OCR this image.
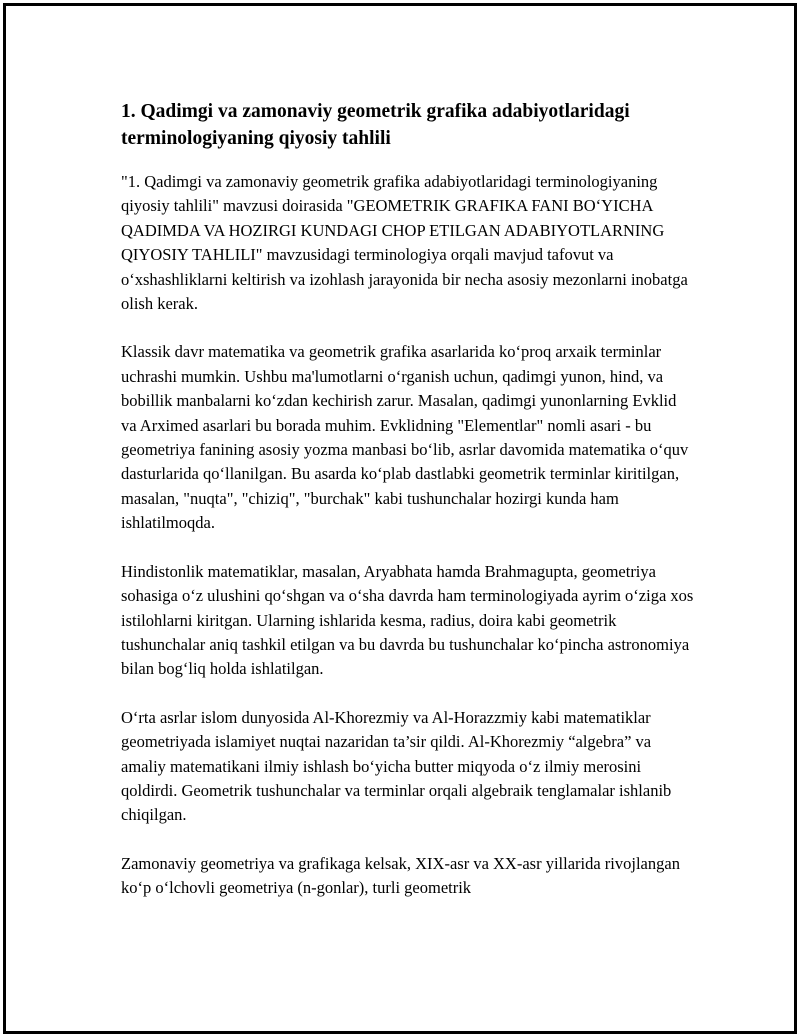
1. Qadimgi va zamonaviy geometrik grafika adabiyotlaridagi terminologiyaning qiyosiy tahlili

"1. Qadimgi va zamonaviy geometrik grafika adabiyotlaridagi terminologiyaning qiyosiy tahlili" mavzusi doirasida "GEOMETRIK GRAFIKA FANI BO‘YICHA QADIMDA VA HOZIRGI KUNDAGI CHOP ETILGAN ADABIYOTLARNING QIYOSIY TAHLILI" mavzusidagi terminologiya orqali mavjud tafovut va o‘xshashliklarni keltirish va izohlash jarayonida bir necha asosiy mezonlarni inobatga olish kerak.

Klassik davr matematika va geometrik grafika asarlarida ko‘proq arxaik terminlar uchrashi mumkin. Ushbu ma'lumotlarni o‘rganish uchun, qadimgi yunon, hind, va bobillik manbalarni ko‘zdan kechirish zarur. Masalan, qadimgi yunonlarning Evklid va Arximed asarlari bu borada muhim. Evklidning "Elementlar" nomli asari - bu geometriya fanining asosiy yozma manbasi bo‘lib, asrlar davomida matematika o‘quv dasturlarida qo‘llanilgan. Bu asarda ko‘plab dastlabki geometrik terminlar kiritilgan, masalan, "nuqta", "chiziq", "burchak" kabi tushunchalar hozirgi kunda ham ishlatilmoqda.

Hindistonlik matematiklar, masalan, Aryabhata hamda Brahmagupta, geometriya sohasiga o‘z ulushini qo‘shgan va o‘sha davrda ham terminologiyada ayrim o‘ziga xos istilohlarni kiritgan. Ularning ishlarida kesma, radius, doira kabi geometrik tushunchalar aniq tashkil etilgan va bu davrda bu tushunchalar ko‘pincha astronomiya bilan bog‘liq holda ishlatilgan.

O‘rta asrlar islom dunyosida Al-Khorezmiy va Al-Horazzmiy kabi matematiklar geometriyada islamiyet nuqtai nazaridan ta’sir qildi. Al-Khorezmiy “algebra” va amaliy matematikani ilmiy ishlash bo‘yicha butter miqyoda o‘z ilmiy merosini qoldirdi. Geometrik tushunchalar va terminlar orqali algebraik tenglamalar ishlanib chiqilgan.

Zamonaviy geometriya va grafikaga kelsak, XIX-asr va XX-asr yillarida rivojlangan ko‘p o‘lchovli geometriya (n-gonlar), turli geometrik
